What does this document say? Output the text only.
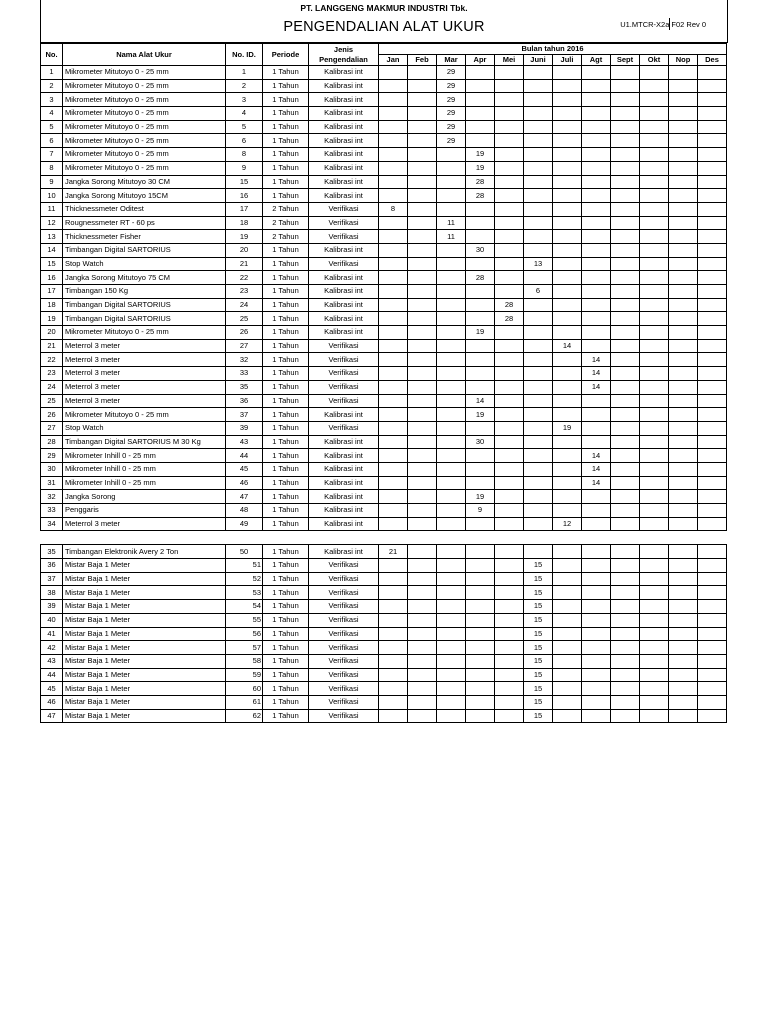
PT. LANGGENG MAKMUR INDUSTRI Tbk.
PENGENDALIAN ALAT UKUR	U1.MTCR-X2a F02 Rev 0
No.	Nama Alat Ukur	No. ID.	Periode	Jenis Pengendalian	Bulan tahun 2016											
					Jan	Feb	Mar	Apr	Mei	Juni	Juli	Agt	Sept	Okt	Nop	Des
1	Mikrometer Mitutoyo 0 - 25 mm	1	1 Tahun	Kalibrasi int			29									
2	Mikrometer Mitutoyo 0 - 25 mm	2	1 Tahun	Kalibrasi int			29									
3	Mikrometer Mitutoyo 0 - 25 mm	3	1 Tahun	Kalibrasi int			29									
4	Mikrometer Mitutoyo 0 - 25 mm	4	1 Tahun	Kalibrasi int			29									
5	Mikrometer Mitutoyo 0 - 25 mm	5	1 Tahun	Kalibrasi int			29									
6	Mikrometer Mitutoyo 0 - 25 mm	6	1 Tahun	Kalibrasi int			29									
7	Mikrometer Mitutoyo 0 - 25 mm	8	1 Tahun	Kalibrasi int				19								
8	Mikrometer Mitutoyo 0 - 25 mm	9	1 Tahun	Kalibrasi int				19								
9	Jangka Sorong Mitutoyo 30 CM	15	1 Tahun	Kalibrasi int				28								
10	Jangka Sorong Mitutoyo 15CM	16	1 Tahun	Kalibrasi int				28								
11	Thicknessmeter Oditest	17	2 Tahun	Verifikasi	8											
12	Rougnessmeter RT - 60 ps	18	2 Tahun	Verifikasi			11									
13	Thicknessmeter Fisher	19	2 Tahun	Verifikasi			11									
14	Timbangan Digital SARTORIUS	20	1 Tahun	Kalibrasi int				30								
15	Stop Watch	21	1 Tahun	Verifikasi						13						
16	Jangka Sorong Mitutoyo 75 CM	22	1 Tahun	Kalibrasi int				28								
17	Timbangan 150 Kg	23	1 Tahun	Kalibrasi int						6						
18	Timbangan Digital SARTORIUS	24	1 Tahun	Kalibrasi int					28							
19	Timbangan Digital SARTORIUS	25	1 Tahun	Kalibrasi int					28							
20	Mikrometer Mitutoyo 0 - 25 mm	26	1 Tahun	Kalibrasi int				19								
21	Meterrol 3 meter	27	1 Tahun	Verifikasi							14					
22	Meterrol 3 meter	32	1 Tahun	Verifikasi								14				
23	Meterrol 3 meter	33	1 Tahun	Verifikasi								14				
24	Meterrol 3 meter	35	1 Tahun	Verifikasi								14				
25	Meterrol 3 meter	36	1 Tahun	Verifikasi				14								
26	Mikrometer Mitutoyo 0 - 25 mm	37	1 Tahun	Kalibrasi int				19								
27	Stop Watch	39	1 Tahun	Verifikasi							19					
28	Timbangan Digital SARTORIUS M 30 Kg	43	1 Tahun	Kalibrasi int				30								
29	Mikrometer Inhill 0 - 25 mm	44	1 Tahun	Kalibrasi int								14				
30	Mikrometer Inhill 0 - 25 mm	45	1 Tahun	Kalibrasi int								14				
31	Mikrometer Inhill 0 - 25 mm	46	1 Tahun	Kalibrasi int								14				
32	Jangka Sorong	47	1 Tahun	Kalibrasi int				19								
33	Penggaris	48	1 Tahun	Kalibrasi int				9								
34	Meterrol 3 meter	49	1 Tahun	Kalibrasi int							12					
35	Timbangan Elektronik Avery 2 Ton	50	1 Tahun	Kalibrasi int	21											
36	Mistar Baja 1 Meter	51	1 Tahun	Verifikasi						15						
37	Mistar Baja 1 Meter	52	1 Tahun	Verifikasi						15						
38	Mistar Baja 1 Meter	53	1 Tahun	Verifikasi						15						
39	Mistar Baja 1 Meter	54	1 Tahun	Verifikasi						15						
40	Mistar Baja 1 Meter	55	1 Tahun	Verifikasi						15						
41	Mistar Baja 1 Meter	56	1 Tahun	Verifikasi						15						
42	Mistar Baja 1 Meter	57	1 Tahun	Verifikasi						15						
43	Mistar Baja 1 Meter	58	1 Tahun	Verifikasi						15						
44	Mistar Baja 1 Meter	59	1 Tahun	Verifikasi						15						
45	Mistar Baja 1 Meter	60	1 Tahun	Verifikasi						15						
46	Mistar Baja 1 Meter	61	1 Tahun	Verifikasi						15						
47	Mistar Baja 1 Meter	62	1 Tahun	Verifikasi						15						
